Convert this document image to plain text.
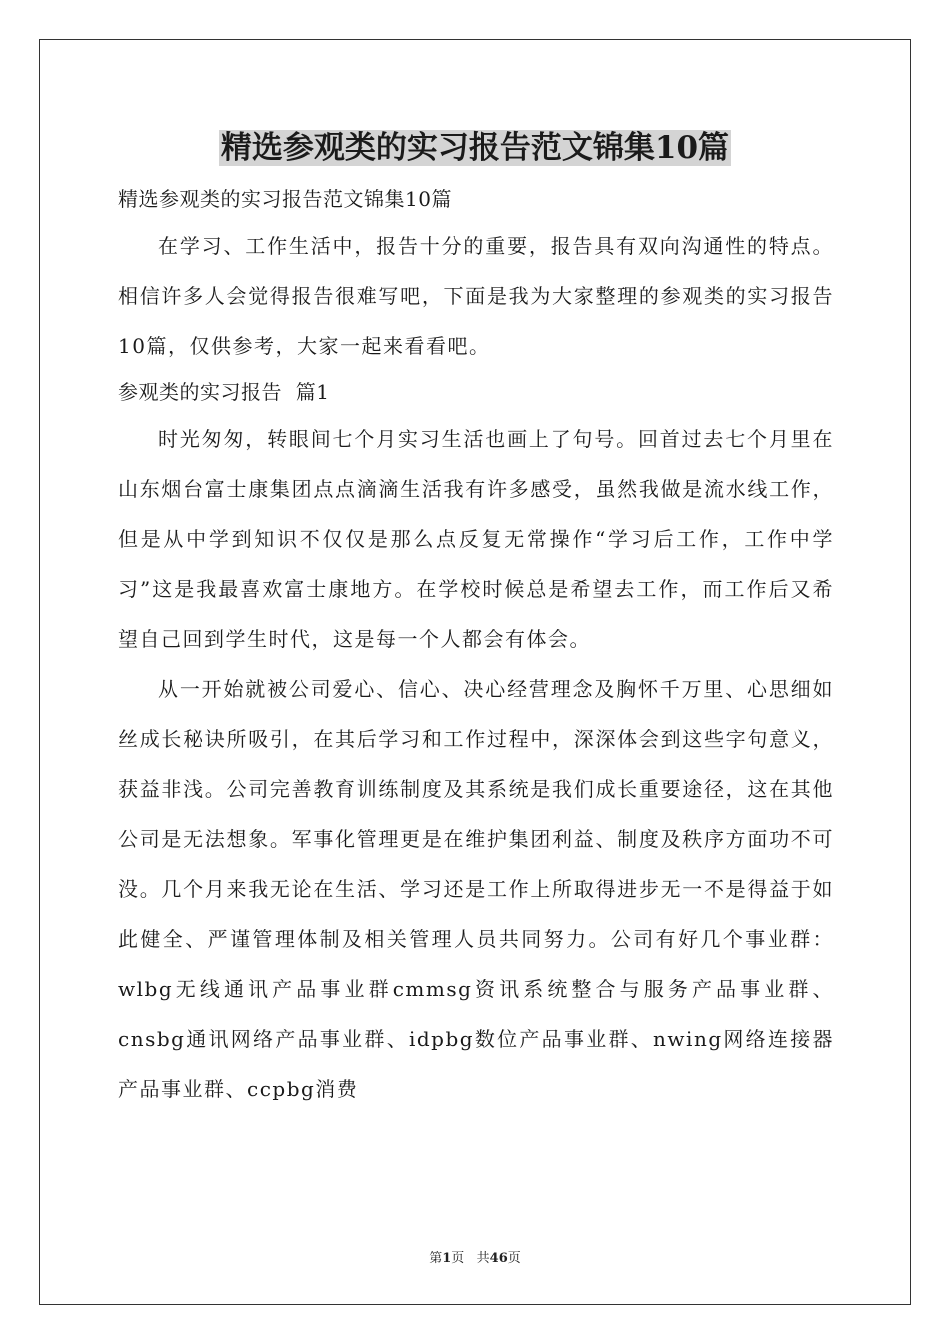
精选参观类的实习报告范文锦集10篇

精选参观类的实习报告范文锦集10篇

在学习、工作生活中，报告十分的重要，报告具有双向沟通性的特点。相信许多人会觉得报告很难写吧，下面是我为大家整理的参观类的实习报告10篇，仅供参考，大家一起来看看吧。

参观类的实习报告  篇1

时光匆匆，转眼间七个月实习生活也画上了句号。回首过去七个月里在山东烟台富士康集团点点滴滴生活我有许多感受，虽然我做是流水线工作，但是从中学到知识不仅仅是那么点反复无常操作“学习后工作，工作中学习”这是我最喜欢富士康地方。在学校时候总是希望去工作，而工作后又希望自己回到学生时代，这是每一个人都会有体会。

从一开始就被公司爱心、信心、决心经营理念及胸怀千万里、心思细如丝成长秘诀所吸引，在其后学习和工作过程中，深深体会到这些字句意义，获益非浅。公司完善教育训练制度及其系统是我们成长重要途径，这在其他公司是无法想象。军事化管理更是在维护集团利益、制度及秩序方面功不可没。几个月来我无论在生活、学习还是工作上所取得进步无一不是得益于如此健全、严谨管理体制及相关管理人员共同努力。公司有好几个事业群：wlbg无线通讯产品事业群cmmsg资讯系统整合与服务产品事业群、cnsbg通讯网络产品事业群、idpbg数位产品事业群、nwing网络连接器产品事业群、ccpbg消费

第1页   共46页
